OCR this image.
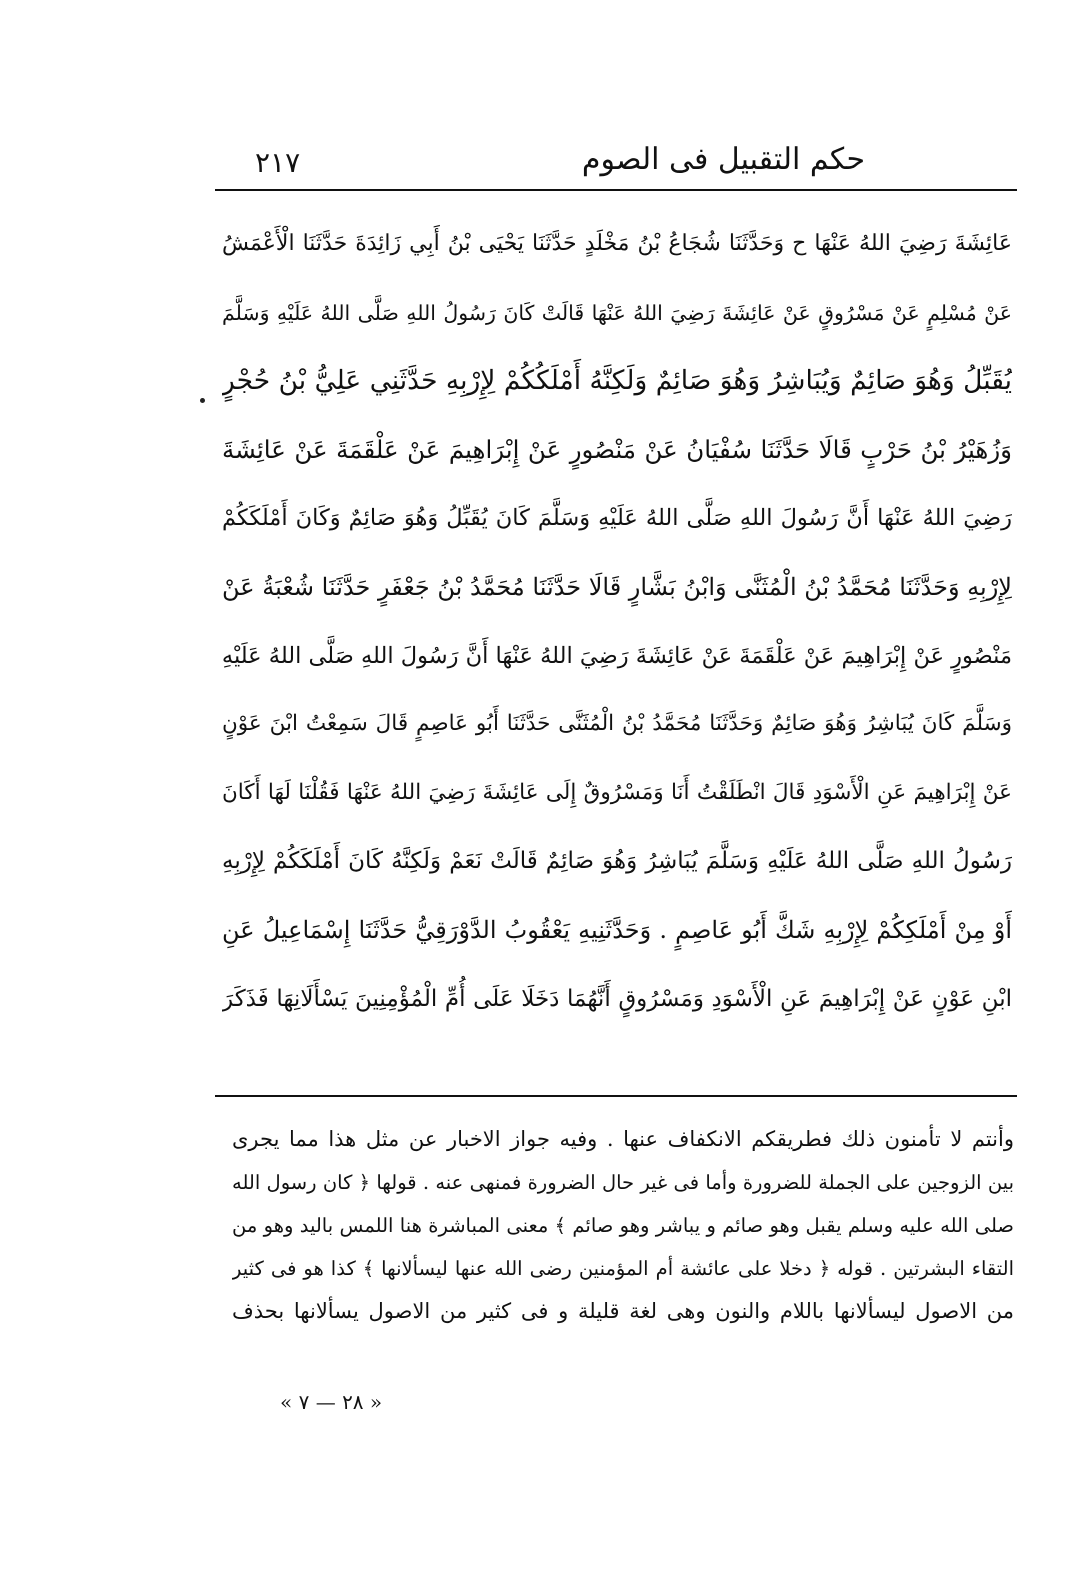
حكم التقبيل فى الصوم
٢١٧
عَائِشَةَ رَضِيَ اللهُ عَنْهَا ح وَحَدَّثَنَا شُجَاعُ بْنُ مَخْلَدٍ حَدَّثَنَا يَحْيَى بْنُ أَبِي زَائِدَةَ حَدَّثَنَا الْأَعْمَشُ
عَنْ مُسْلِمٍ عَنْ مَسْرُوقٍ عَنْ عَائِشَةَ رَضِيَ اللهُ عَنْهَا قَالَتْ كَانَ رَسُولُ اللهِ صَلَّى اللهُ عَلَيْهِ وَسَلَّمَ
يُقَبِّلُ وَهُوَ صَائِمٌ وَيُبَاشِرُ وَهُوَ صَائِمٌ وَلَكِنَّهُ أَمْلَكُكُمْ لِإِرْبِهِ حَدَّثَنِي عَلِيُّ بْنُ حُجْرٍ
وَزُهَيْرُ بْنُ حَرْبٍ قَالَا حَدَّثَنَا سُفْيَانُ عَنْ مَنْصُورٍ عَنْ إِبْرَاهِيمَ عَنْ عَلْقَمَةَ عَنْ عَائِشَةَ
رَضِيَ اللهُ عَنْهَا أَنَّ رَسُولَ اللهِ صَلَّى اللهُ عَلَيْهِ وَسَلَّمَ كَانَ يُقَبِّلُ وَهُوَ صَائِمٌ وَكَانَ أَمْلَكَكُمْ
لِإِرْبِهِ وَحَدَّثَنَا مُحَمَّدُ بْنُ الْمُثَنَّى وَابْنُ بَشَّارٍ قَالَا حَدَّثَنَا مُحَمَّدُ بْنُ جَعْفَرٍ حَدَّثَنَا شُعْبَةُ عَنْ
مَنْصُورٍ عَنْ إِبْرَاهِيمَ عَنْ عَلْقَمَةَ عَنْ عَائِشَةَ رَضِيَ اللهُ عَنْهَا أَنَّ رَسُولَ اللهِ صَلَّى اللهُ عَلَيْهِ
وَسَلَّمَ كَانَ يُبَاشِرُ وَهُوَ صَائِمٌ وَحَدَّثَنَا مُحَمَّدُ بْنُ الْمُثَنَّى حَدَّثَنَا أَبُو عَاصِمٍ قَالَ سَمِعْتُ ابْنَ عَوْنٍ
عَنْ إِبْرَاهِيمَ عَنِ الْأَسْوَدِ قَالَ انْطَلَقْتُ أَنَا وَمَسْرُوقٌ إِلَى عَائِشَةَ رَضِيَ اللهُ عَنْهَا فَقُلْنَا لَهَا أَكَانَ
رَسُولُ اللهِ صَلَّى اللهُ عَلَيْهِ وَسَلَّمَ يُبَاشِرُ وَهُوَ صَائِمٌ قَالَتْ نَعَمْ وَلَكِنَّهُ كَانَ أَمْلَكَكُمْ لِإِرْبِهِ
أَوْ مِنْ أَمْلَكِكُمْ لِإِرْبِهِ شَكَّ أَبُو عَاصِمٍ . وَحَدَّثَنِيهِ يَعْقُوبُ الدَّوْرَقِيُّ حَدَّثَنَا إِسْمَاعِيلُ عَنِ
ابْنِ عَوْنٍ عَنْ إِبْرَاهِيمَ عَنِ الْأَسْوَدِ وَمَسْرُوقٍ أَنَّهُمَا دَخَلَا عَلَى أُمِّ الْمُؤْمِنِينَ يَسْأَلَانِهَا فَذَكَرَ
وأنتم لا تأمنون ذلك فطريقكم الانكفاف عنها . وفيه جواز الاخبار عن مثل هذا مما يجرى
بين الزوجين على الجملة للضرورة وأما فى غير حال الضرورة فمنهى عنه . قولها ﴿ كان رسول الله
صلى الله عليه وسلم يقبل وهو صائم و يباشر وهو صائم ﴾ معنى المباشرة هنا اللمس باليد وهو من
التقاء البشرتين . قوله ﴿ دخلا على عائشة أم المؤمنين رضى الله عنها ليسألانها ﴾ كذا هو فى كثير
من الاصول ليسألانها باللام والنون وهى لغة قليلة و فى كثير من الاصول يسألانها بحذف
« ٢٨ — ٧ »
